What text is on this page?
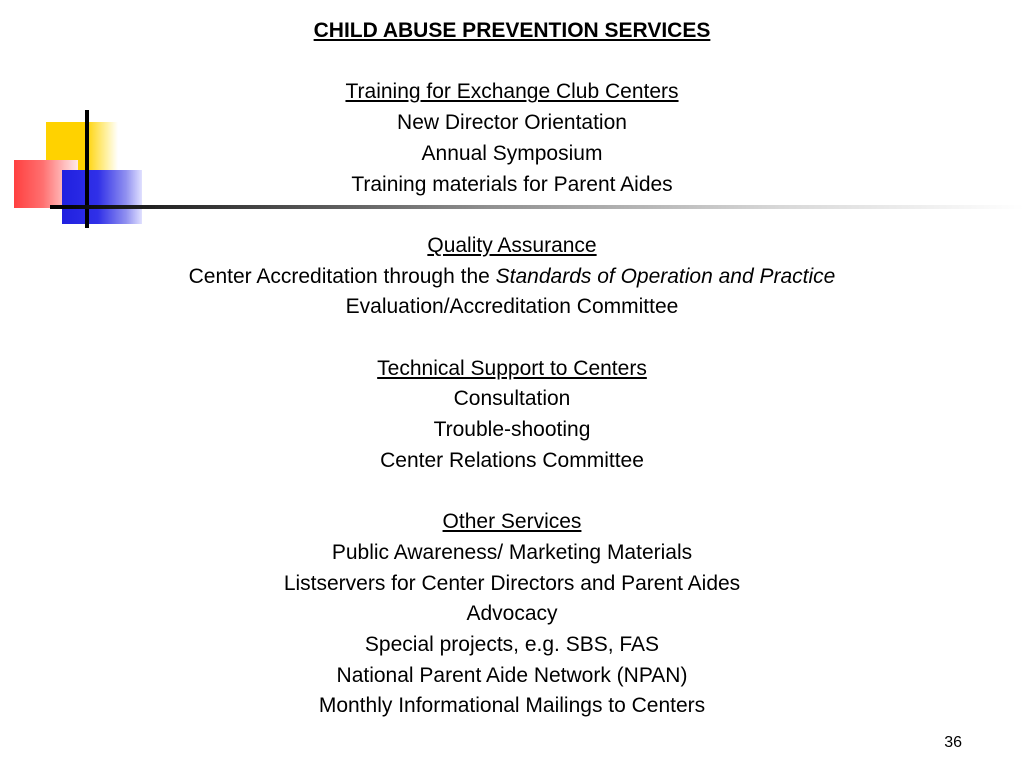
CHILD ABUSE PREVENTION SERVICES
Training for Exchange Club Centers
New Director Orientation
Annual Symposium
Training materials for Parent Aides
Quality Assurance
Center Accreditation through the Standards of Operation and Practice
Evaluation/Accreditation Committee
Technical Support to Centers
Consultation
Trouble-shooting
Center Relations Committee
Other Services
Public Awareness/ Marketing Materials
Listservers for Center Directors and Parent Aides
Advocacy
Special projects, e.g. SBS, FAS
National Parent Aide Network (NPAN)
Monthly Informational Mailings to Centers
36
